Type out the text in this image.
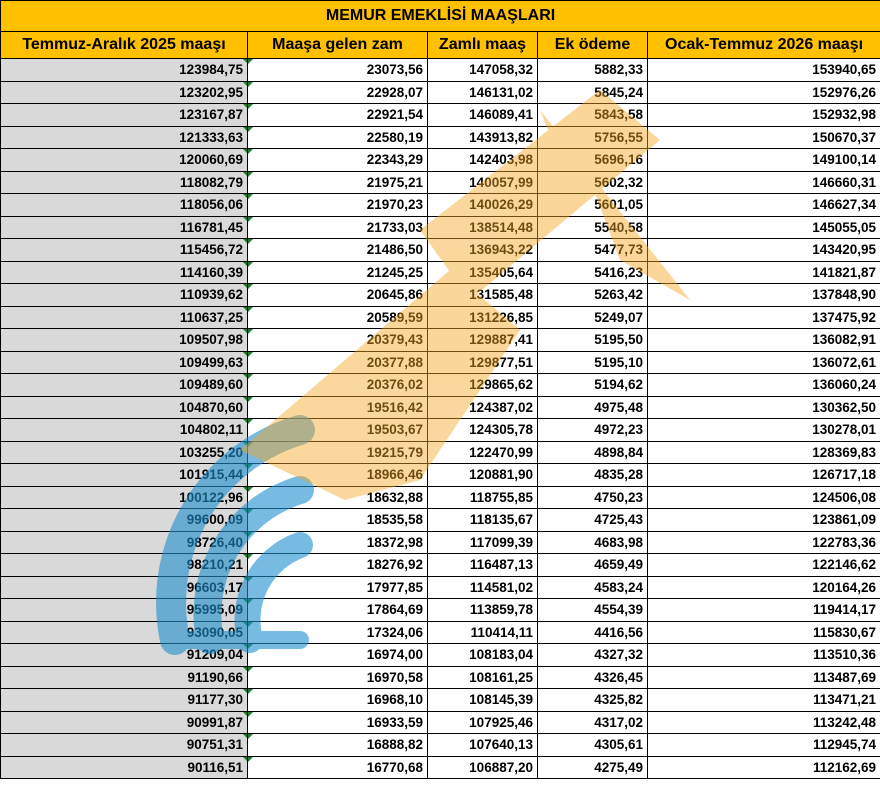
MEMUR EMEKLİSİ MAAŞLARI				
Temmuz-Aralık 2025 maaşı	Maaşa gelen zam	Zamlı maaş	Ek ödeme	Ocak-Temmuz 2026 maaşı
123984,75	23073,56	147058,32	5882,33	153940,65
123202,95	22928,07	146131,02	5845,24	152976,26
123167,87	22921,54	146089,41	5843,58	152932,98
121333,63	22580,19	143913,82	5756,55	150670,37
120060,69	22343,29	142403,98	5696,16	149100,14
118082,79	21975,21	140057,99	5602,32	146660,31
118056,06	21970,23	140026,29	5601,05	146627,34
116781,45	21733,03	138514,48	5540,58	145055,05
115456,72	21486,50	136943,22	5477,73	143420,95
114160,39	21245,25	135405,64	5416,23	141821,87
110939,62	20645,86	131585,48	5263,42	137848,90
110637,25	20589,59	131226,85	5249,07	137475,92
109507,98	20379,43	129887,41	5195,50	136082,91
109499,63	20377,88	129877,51	5195,10	136072,61
109489,60	20376,02	129865,62	5194,62	136060,24
104870,60	19516,42	124387,02	4975,48	130362,50
104802,11	19503,67	124305,78	4972,23	130278,01
103255,20	19215,79	122470,99	4898,84	128369,83
101915,44	18966,46	120881,90	4835,28	126717,18
100122,96	18632,88	118755,85	4750,23	124506,08
99600,09	18535,58	118135,67	4725,43	123861,09
98726,40	18372,98	117099,39	4683,98	122783,36
98210,21	18276,92	116487,13	4659,49	122146,62
96603,17	17977,85	114581,02	4583,24	120164,26
95995,09	17864,69	113859,78	4554,39	119414,17
93090,05	17324,06	110414,11	4416,56	115830,67
91209,04	16974,00	108183,04	4327,32	113510,36
91190,66	16970,58	108161,25	4326,45	113487,69
91177,30	16968,10	108145,39	4325,82	113471,21
90991,87	16933,59	107925,46	4317,02	113242,48
90751,31	16888,82	107640,13	4305,61	112945,74
90116,51	16770,68	106887,20	4275,49	112162,69
